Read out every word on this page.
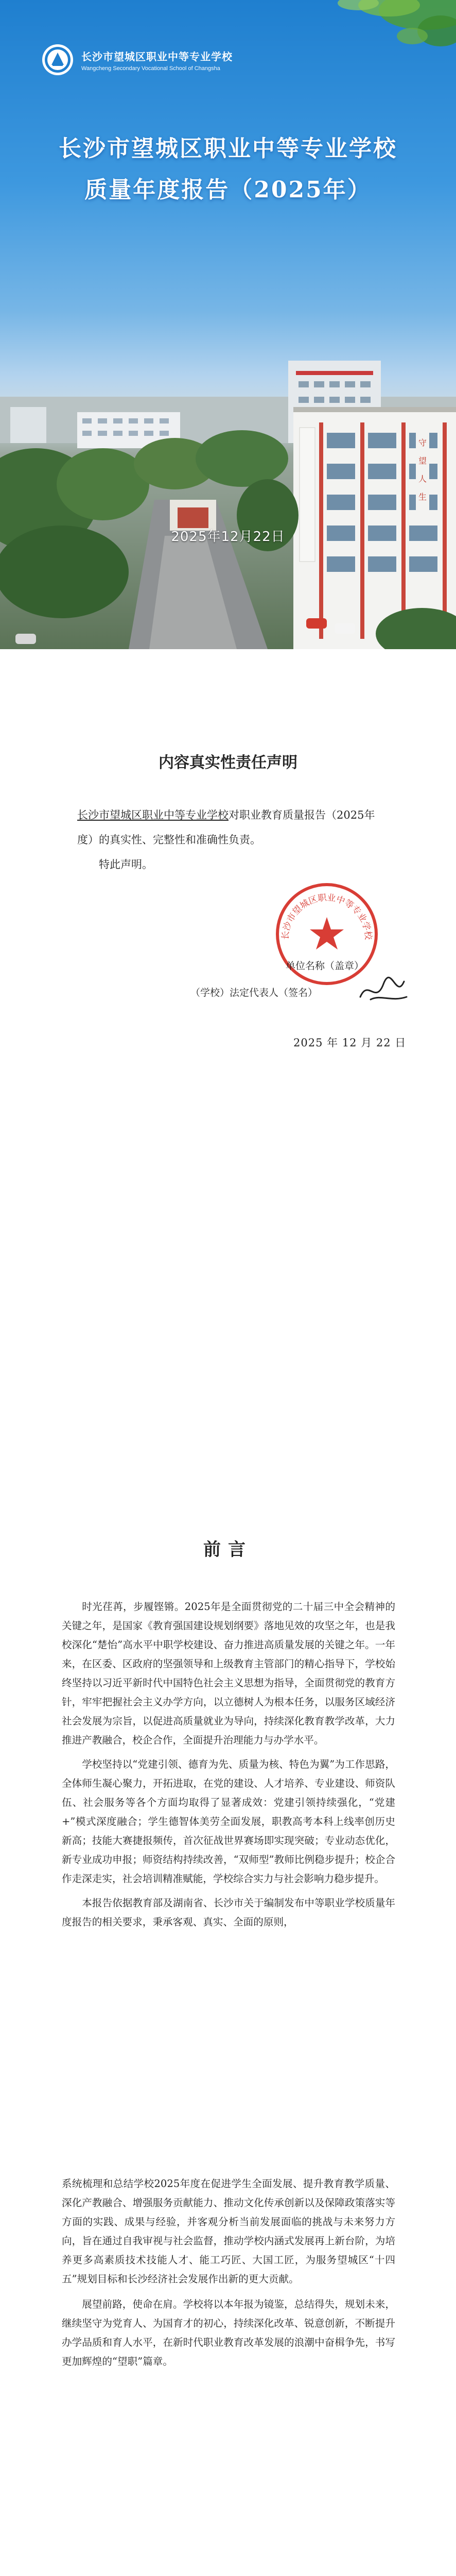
长沙市望城区职业中等专业学校
Wangcheng Secondary Vocational School of Changsha
长沙市望城区职业中等专业学校
质量年度报告（2025年）
守
望
人
生
2025年12月22日
内容真实性责任声明

长沙市望城区职业中等专业学校对职业教育质量报告（2025年度）的真实性、完整性和准确性负责。

特此声明。

长沙市望城区职业中等专业学校
单位名称（盖章）
（学校）法定代表人（签名）
2025 年 12 月 22 日
前言

时光荏苒，步履铿锵。2025年是全面贯彻党的二十届三中全会精神的关键之年，是国家《教育强国建设规划纲要》落地见效的攻坚之年，也是我校深化“楚怡”高水平中职学校建设、奋力推进高质量发展的关键之年。一年来，在区委、区政府的坚强领导和上级教育主管部门的精心指导下，学校始终坚持以习近平新时代中国特色社会主义思想为指导，全面贯彻党的教育方针，牢牢把握社会主义办学方向，以立德树人为根本任务，以服务区域经济社会发展为宗旨，以促进高质量就业为导向，持续深化教育教学改革，大力推进产教融合，校企合作，全面提升治理能力与办学水平。

学校坚持以“党建引领、德育为先、质量为核、特色为翼”为工作思路，全体师生凝心聚力，开拓进取，在党的建设、人才培养、专业建设、师资队伍、社会服务等各个方面均取得了显著成效：党建引领持续强化，“党建+”模式深度融合；学生德智体美劳全面发展，职教高考本科上线率创历史新高；技能大赛捷报频传，首次征战世界赛场即实现突破；专业动态优化，新专业成功申报；师资结构持续改善，“双师型”教师比例稳步提升；校企合作走深走实，社会培训精准赋能，学校综合实力与社会影响力稳步提升。

本报告依据教育部及湖南省、长沙市关于编制发布中等职业学校质量年度报告的相关要求，秉承客观、真实、全面的原则，

系统梳理和总结学校2025年度在促进学生全面发展、提升教育教学质量、深化产教融合、增强服务贡献能力、推动文化传承创新以及保障政策落实等方面的实践、成果与经验，并客观分析当前发展面临的挑战与未来努力方向，旨在通过自我审视与社会监督，推动学校内涵式发展再上新台阶，为培养更多高素质技术技能人才、能工巧匠、大国工匠，为服务望城区“十四五”规划目标和长沙经济社会发展作出新的更大贡献。

展望前路，使命在肩。学校将以本年报为镜鉴，总结得失，规划未来，继续坚守为党育人、为国育才的初心，持续深化改革、锐意创新，不断提升办学品质和育人水平，在新时代职业教育改革发展的浪潮中奋楫争先，书写更加辉煌的“望职”篇章。
